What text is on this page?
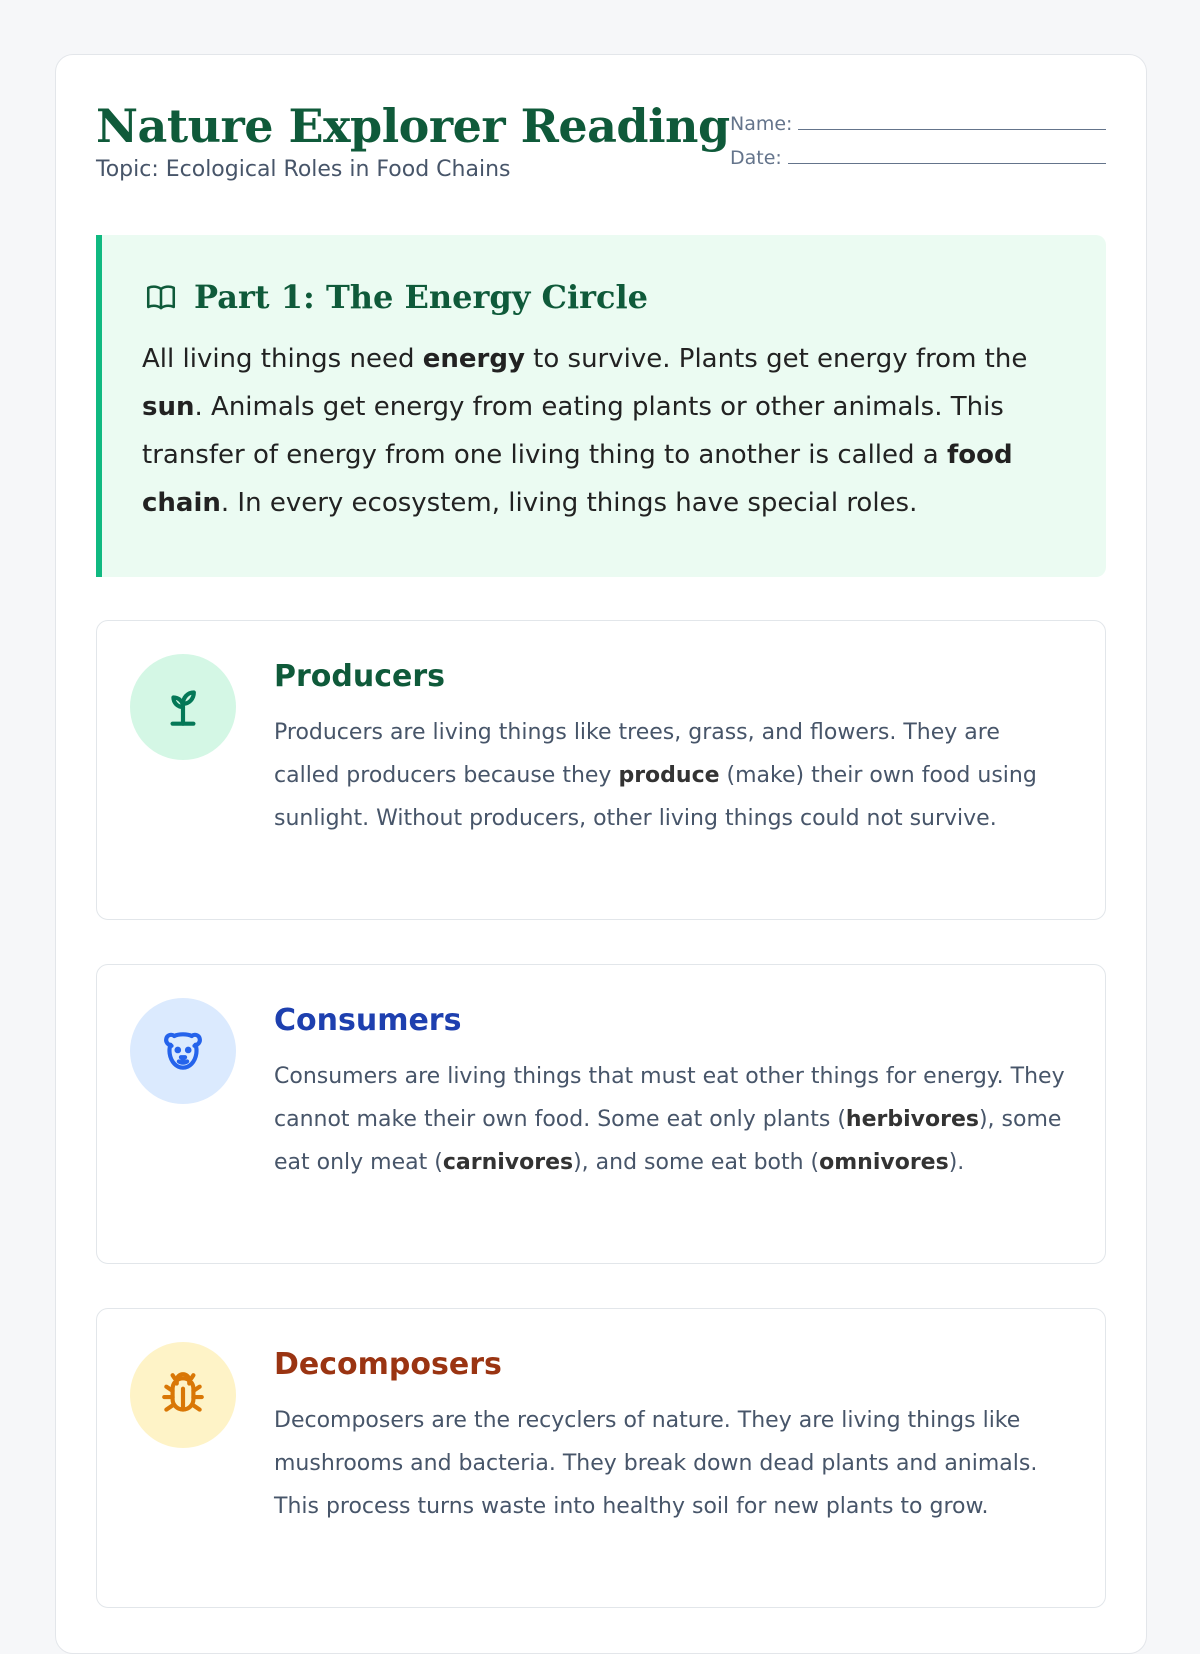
Nature Explorer Reading
Topic: Ecological Roles in Food Chains
Name:
Date:
Part 1: The Energy Circle
All living things need energy to survive. Plants get energy from the sun. Animals get energy from eating plants or other animals. This transfer of energy from one living thing to another is called a food chain. In every ecosystem, living things have special roles.
Producers
Producers are living things like trees, grass, and flowers. They are called producers because they produce (make) their own food using sunlight. Without producers, other living things could not survive.
Consumers
Consumers are living things that must eat other things for energy. They cannot make their own food. Some eat only plants (herbivores), some eat only meat (carnivores), and some eat both (omnivores).
Decomposers
Decomposers are the recyclers of nature. They are living things like mushrooms and bacteria. They break down dead plants and animals. This process turns waste into healthy soil for new plants to grow.
